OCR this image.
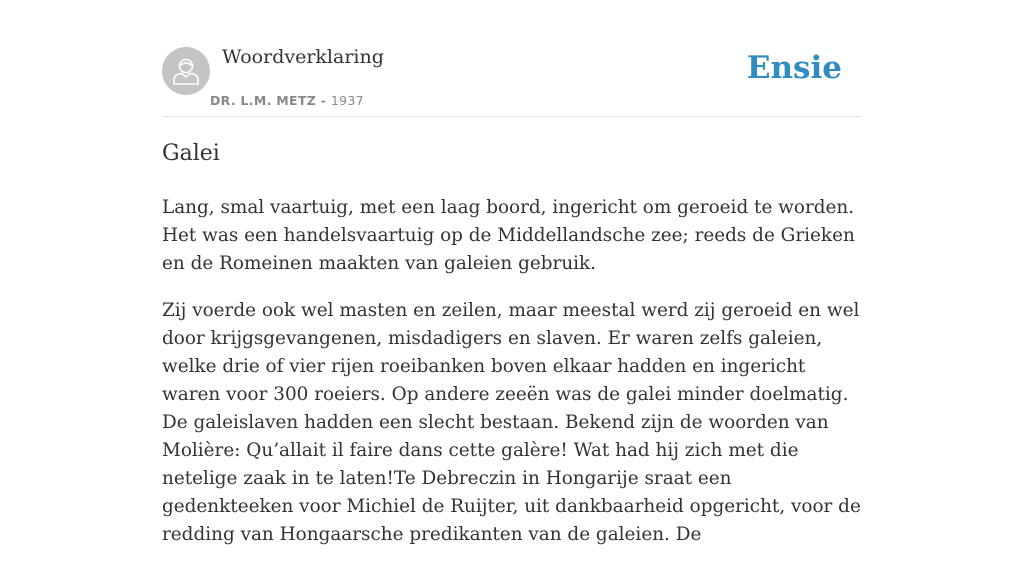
Woordverklaring
DR. L.M. METZ - 1937
Ensie
Galei

Lang, smal vaartuig, met een laag boord, ingericht om geroeid te worden. Het was een handelsvaartuig op de Middellandsche zee; reeds de Grieken en de Romeinen maakten van galeien gebruik.

Zij voerde ook wel masten en zeilen, maar meestal werd zij geroeid en wel door krijgsgevangenen, misdadigers en slaven. Er waren zelfs galeien, welke drie of vier rijen roeibanken boven elkaar hadden en ingericht waren voor 300 roeiers. Op andere zeeën was de galei minder doelmatig. De galeislaven hadden een slecht bestaan. Bekend zijn de woorden van Molière: Qu’allait il faire dans cette galère! Wat had hij zich met die netelige zaak in te laten!Te Debreczin in Hongarije sraat een gedenkteeken voor Michiel de Ruijter, uit dankbaarheid opgericht, voor de redding van Hongaarsche predikanten van de galeien. De
